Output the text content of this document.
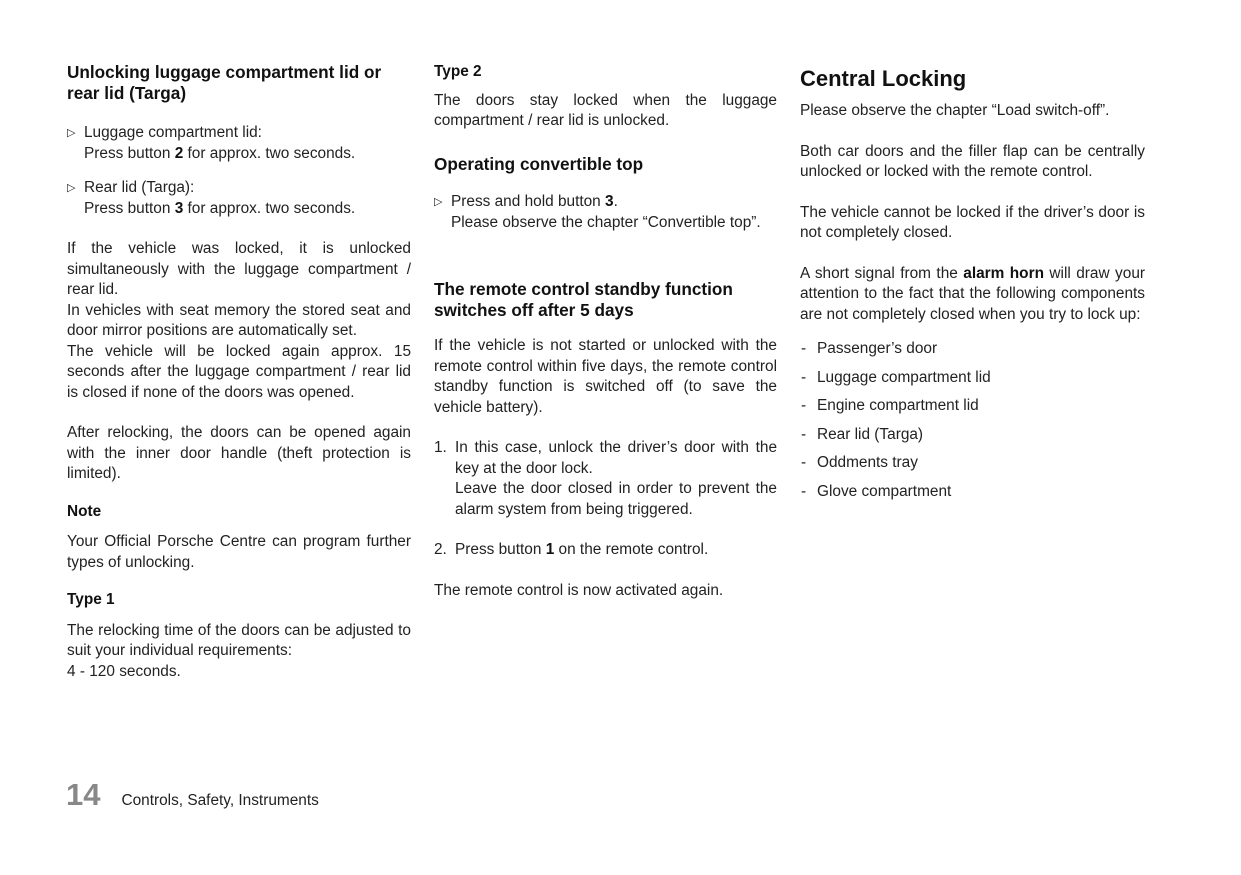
Unlocking luggage compartment lid or rear lid (Targa)
▷ Luggage compartment lid:
Press button 2 for approx. two seconds.
▷ Rear lid (Targa):
Press button 3 for approx. two seconds.

If the vehicle was locked, it is unlocked simultaneously with the luggage compartment / rear lid.

In vehicles with seat memory the stored seat and door mirror positions are automatically set.

The vehicle will be locked again approx. 15 seconds after the luggage compartment / rear lid is closed if none of the doors was opened.

After relocking, the doors can be opened again with the inner door handle (theft protection is limited).

Note

Your Official Porsche Centre can program further types of unlocking.

Type 1

The relocking time of the doors can be adjusted to suit your individual requirements:

4 - 120 seconds.

Type 2

The doors stay locked when the luggage compartment / rear lid is unlocked.

Operating convertible top
▷ Press and hold button 3.
Please observe the chapter “Convertible top”.
The remote control standby function switches off after 5 days

If the vehicle is not started or unlocked with the remote control within five days, the remote control standby function is switched off (to save the vehicle battery).

1. In this case, unlock the driver’s door with the key at the door lock.
Leave the door closed in order to prevent the alarm system from being triggered.
2. Press button 1 on the remote control.

The remote control is now activated again.

Central Locking

Please observe the chapter “Load switch-off”.

Both car doors and the filler flap can be centrally unlocked or locked with the remote control.

The vehicle cannot be locked if the driver’s door is not completely closed.

A short signal from the alarm horn will draw your attention to the fact that the following components are not completely closed when you try to lock up:

- Passenger’s door
- Luggage compartment lid
- Engine compartment lid
- Rear lid (Targa)
- Oddments tray
- Glove compartment
14 Controls, Safety, Instruments
